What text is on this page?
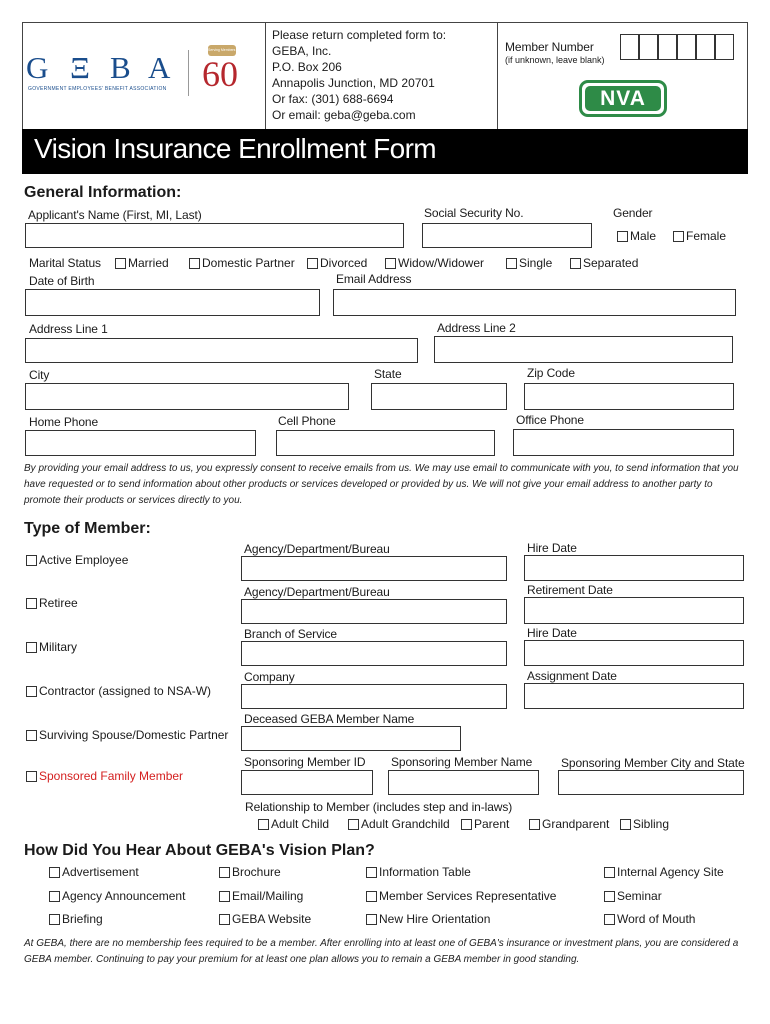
G Ξ B A
GOVERNMENT EMPLOYEES' BENEFIT ASSOCIATION
Serving Members For
60
Please return completed form to:
GEBA, Inc.
P.O. Box 206
Annapolis Junction, MD 20701
Or fax: (301) 688-6694
Or email: geba@geba.com
Member Number
(if unknown, leave blank)
NVA
Vision Insurance Enrollment Form
General Information:
Applicant's Name (First, MI, Last)	Social Security No.	Gender
Male Female
Marital Status Married	Domestic Partner Divorced	Widow/Widower	Single	Separated
Date of Birth	Email Address
Address Line 1	Address Line 2
City	State	Zip Code
Home Phone	Cell Phone	Office Phone
By providing your email address to us, you expressly consent to receive emails from us. We may use email to communicate with you, to send information that you have requested or to send information about other products or services developed or provided by us. We will not give your email address to another party to promote their products or services directly to you.
Type of Member:
Active Employee
Agency/Department/Bureau	Hire Date
Retiree
Agency/Department/Bureau	Retirement Date
Military
Branch of Service	Hire Date
Contractor (assigned to NSA-W)
Company	Assignment Date
Surviving Spouse/Domestic Partner
Deceased GEBA Member Name
Sponsored Family Member
Sponsoring Member ID Sponsoring Member Name Sponsoring Member City and State
Relationship to Member (includes step and in-laws)
Adult Child	Adult Grandchild Parent	Grandparent Sibling
How Did You Hear About GEBA's Vision Plan?
Advertisement	Brochure	Information Table	Internal Agency Site
Agency Announcement	Email/Mailing	Member Services Representative	Seminar
Briefing	GEBA Website	New Hire Orientation	Word of Mouth
At GEBA, there are no membership fees required to be a member. After enrolling into at least one of GEBA's insurance or investment plans, you are considered a GEBA member. Continuing to pay your premium for at least one plan allows you to remain a GEBA member in good standing.
